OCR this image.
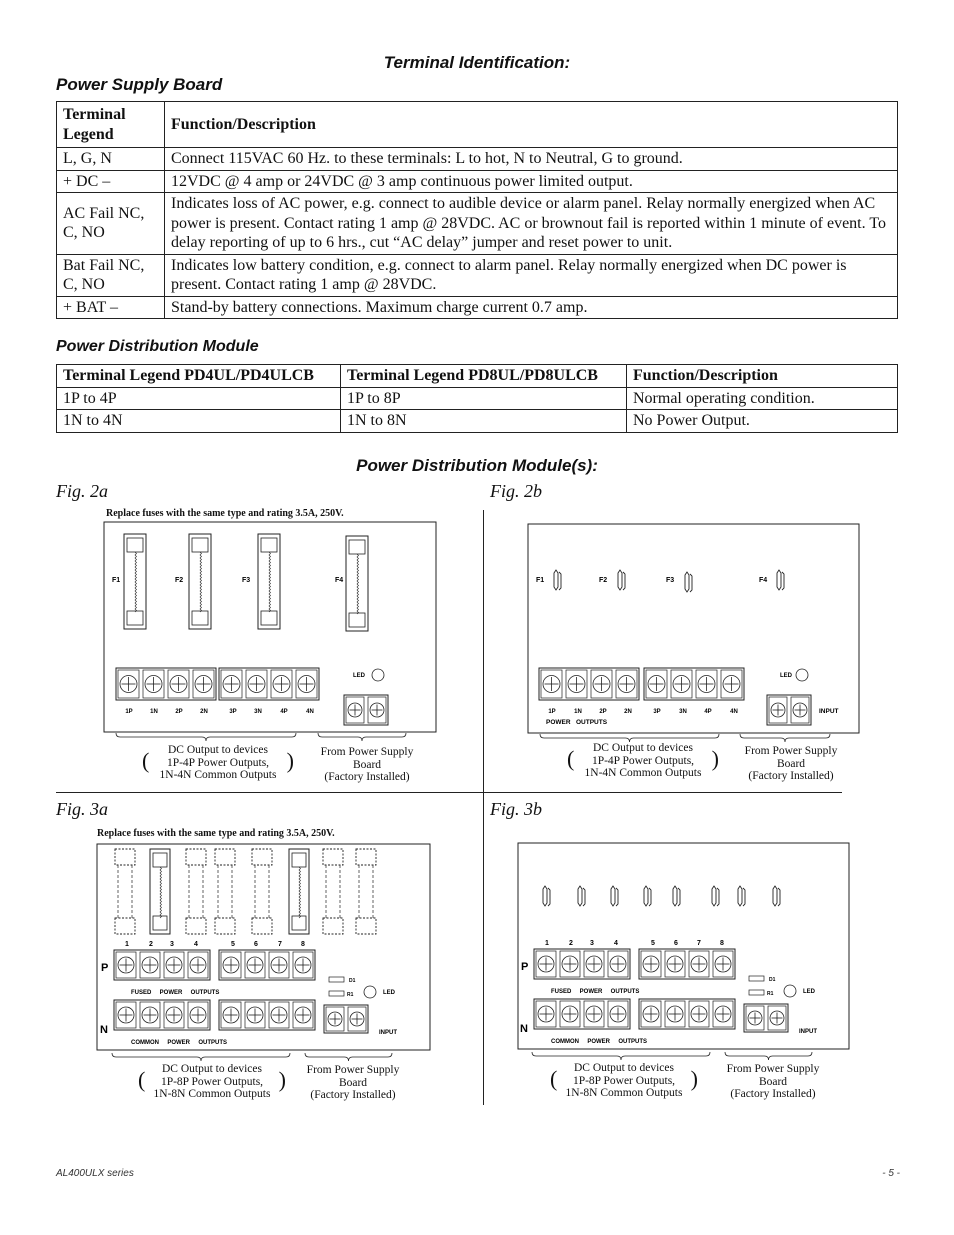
Terminal Identification:
Power Supply Board
Terminal Legend	Function/Description
L, G, N	Connect 115VAC 60 Hz. to these terminals: L to hot, N to Neutral, G to ground.
+ DC –	12VDC @ 4 amp or 24VDC @ 3 amp continuous power limited output.
AC Fail NC, C, NO	Indicates loss of AC power, e.g. connect to audible device or alarm panel. Relay normally energized when AC power is present. Contact rating 1 amp @ 28VDC. AC or brownout fail is reported within 1 minute of event. To delay reporting of up to 6 hrs., cut “AC delay” jumper and reset power to unit.
Bat Fail NC, C, NO	Indicates low battery condition, e.g. connect to alarm panel. Relay normally energized when DC power is present. Contact rating 1 amp @ 28VDC.
+ BAT –	Stand-by battery connections. Maximum charge current 0.7 amp.
Power Distribution Module
Terminal Legend PD4UL/PD4ULCB	Terminal Legend PD8UL/PD8ULCB	Function/Description
1P to 4P	1P to 8P	Normal operating condition.
1N to 4N	1N to 8N	No Power Output.
Power Distribution Module(s):
Fig. 2a	Fig. 2b
Fig. 3a	Fig. 3b
Replace fuses with the same type and rating 3.5A, 250V.
Replace fuses with the same type and rating 3.5A, 250V.
F1	F2	F3	F4
LED
F1	F2	F3	F4
LED
INPUT
POWER   OUTPUTS
P
N
FUSED     POWER     OUTPUTS
COMMON     POWER     OUTPUTS
D1
R1	LED
INPUT
P
N
FUSED     POWER     OUTPUTS
COMMON     POWER     OUTPUTS
D1
R1	LED
INPUT
1P	1N	2P	2N	3P	3N	4P	4N	1P	1N	2P	2N	3P	3N	4P	4N
1	2 3	4	5	6	7	8	1	2 3	4	5	6	7	8
DC Output to devices
(	1P-4P Power Outputs,
1N-4N Common Outputs
)	From Power Supply
Board
(Factory Installed)
DC Output to devices
(	1P-4P Power Outputs,
1N-4N Common Outputs
)	From Power Supply
Board
(Factory Installed)
DC Output to devices
(	1P-8P Power Outputs,
1N-8N Common Outputs
)	From Power Supply
Board
(Factory Installed)
DC Output to devices
(	1P-8P Power Outputs,
1N-8N Common Outputs
)	From Power Supply
Board
(Factory Installed)
AL400ULX series	- 5 -
